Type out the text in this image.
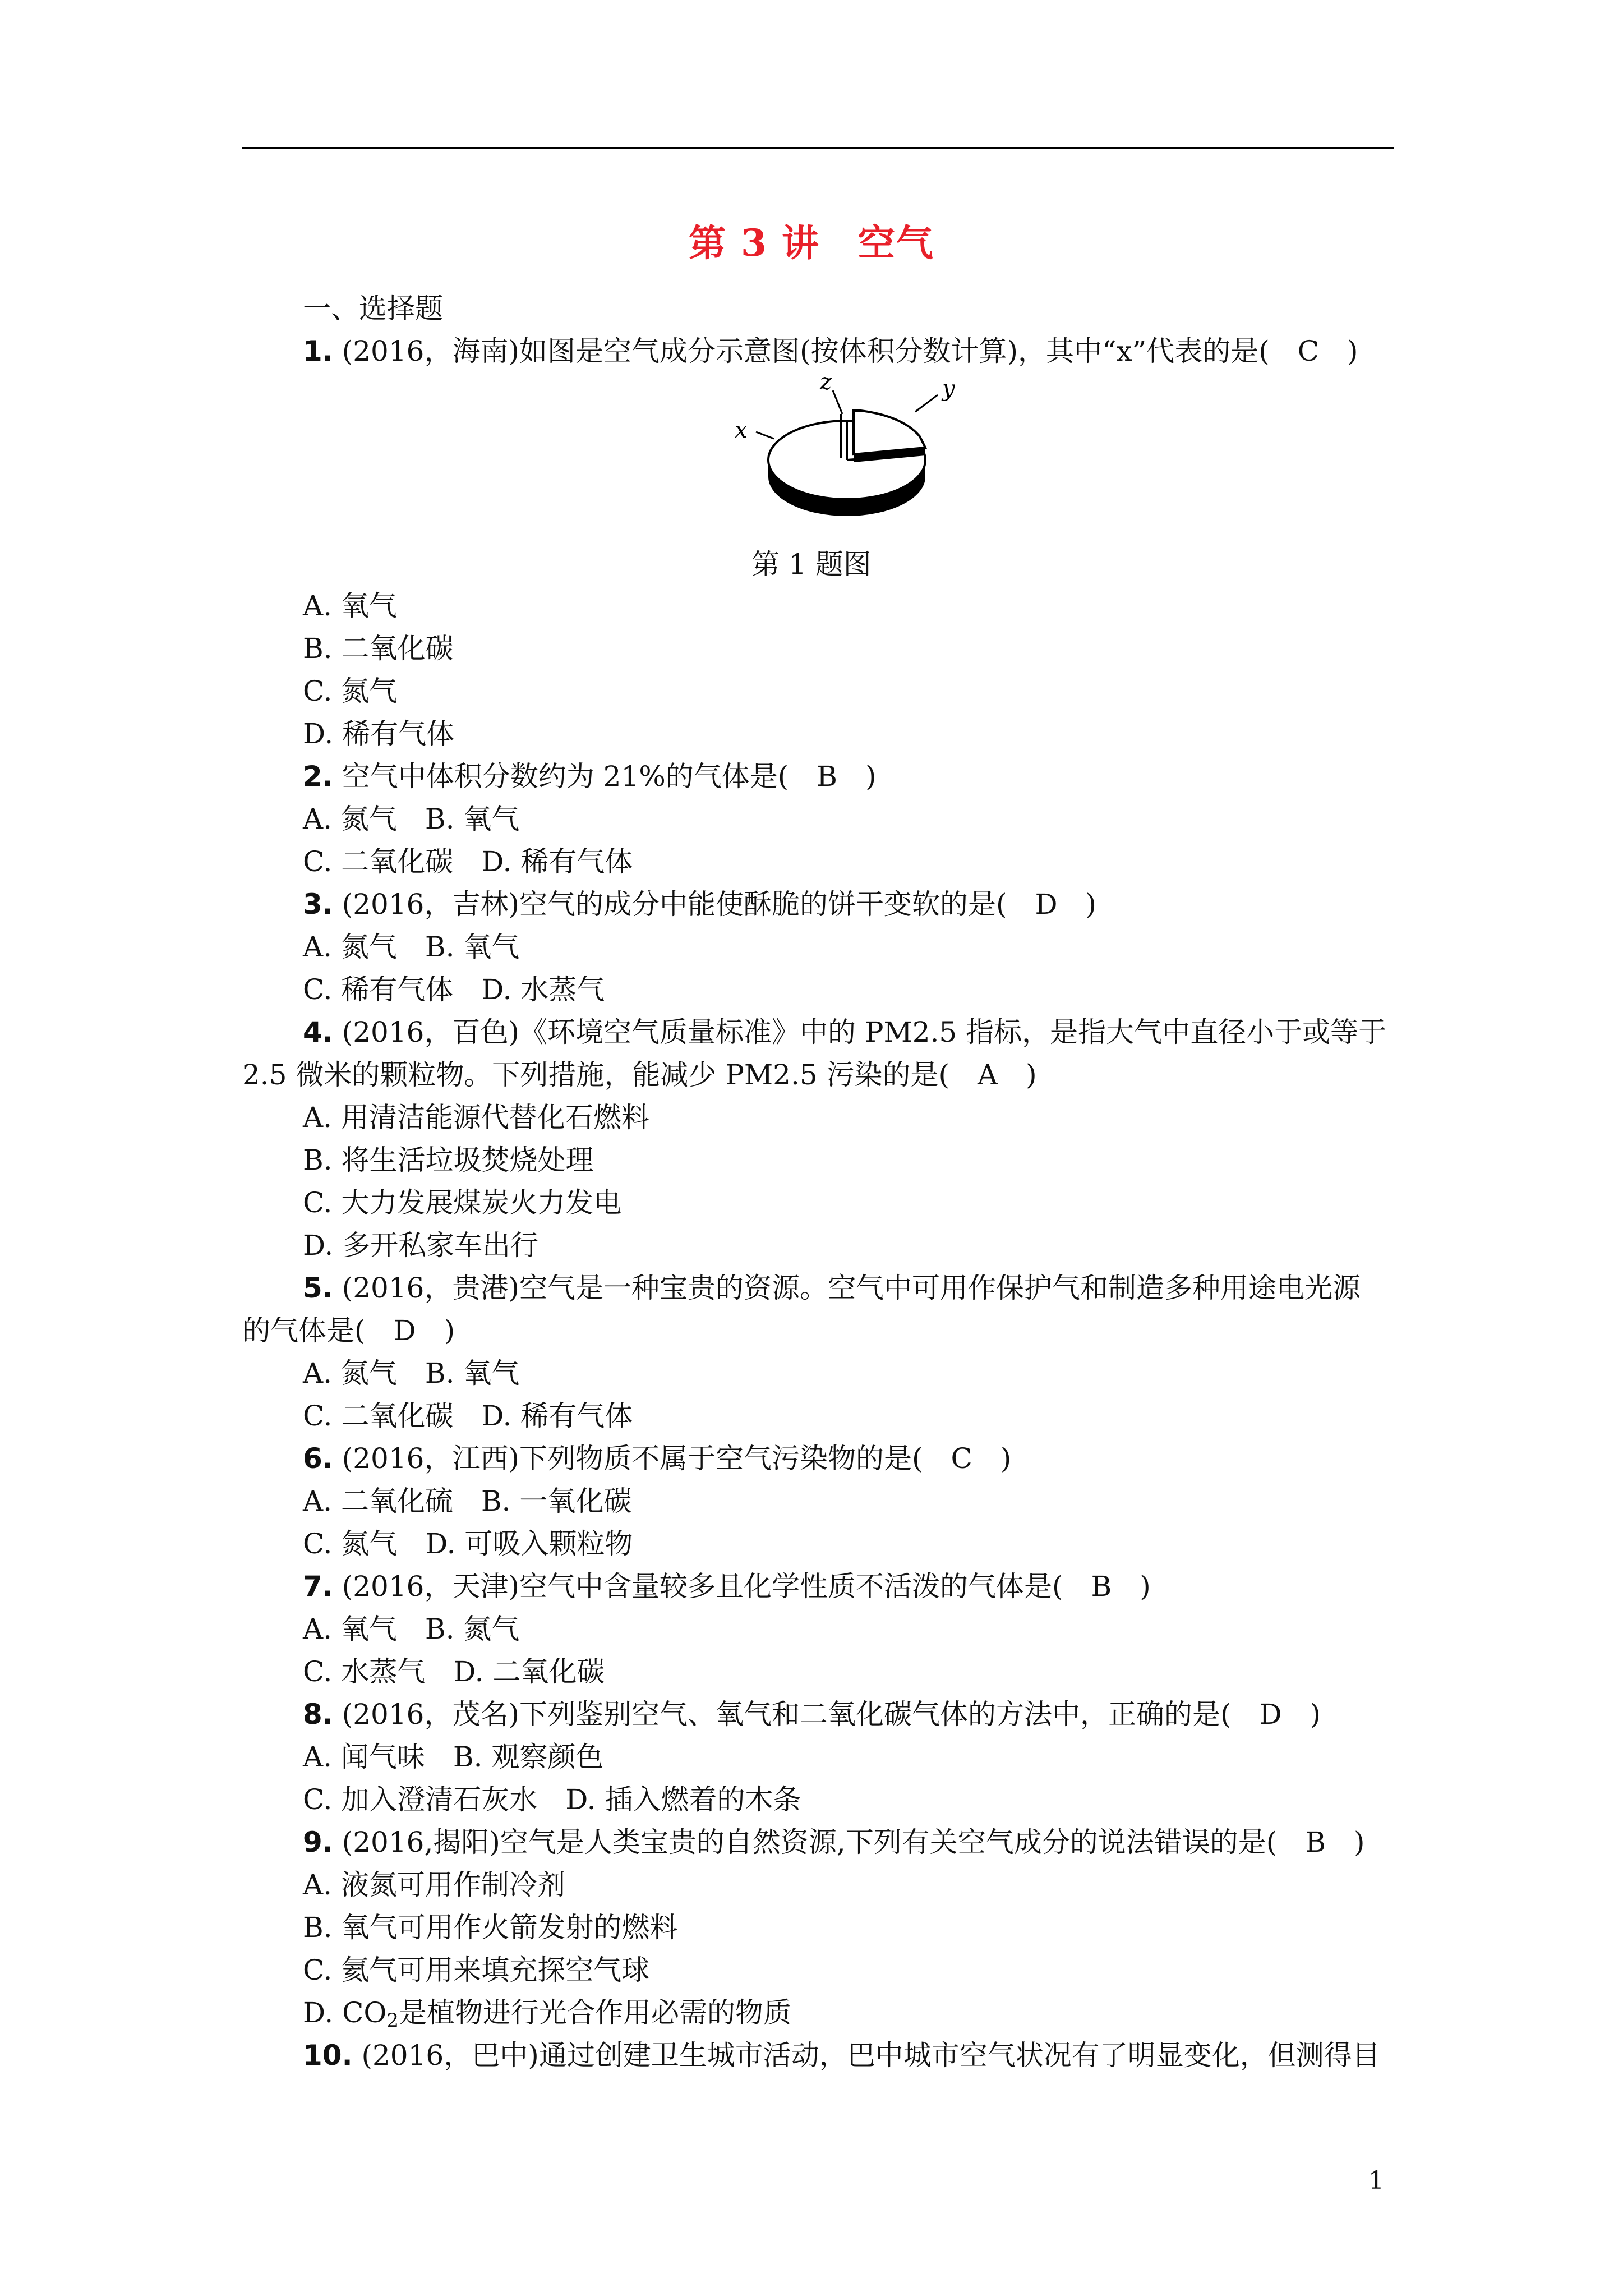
第 3 讲　空气
一、选择题
1. (2016，海南)如图是空气成分示意图(按体积分数计算)，其中“x”代表的是(　C　)
x
z	y
第 1 题图
A. 氧气
B. 二氧化碳
C. 氮气
D. 稀有气体
2. 空气中体积分数约为 21%的气体是(　B　)
A. 氮气　B. 氧气
C. 二氧化碳　D. 稀有气体
3. (2016，吉林)空气的成分中能使酥脆的饼干变软的是(　D　)
A. 氮气　B. 氧气
C. 稀有气体　D. 水蒸气
4. (2016，百色)《环境空气质量标准》中的 PM2.5 指标，是指大气中直径小于或等于
2.5 微米的颗粒物。下列措施，能减少 PM2.5 污染的是(　A　)
A. 用清洁能源代替化石燃料
B. 将生活垃圾焚烧处理
C. 大力发展煤炭火力发电
D. 多开私家车出行
5. (2016，贵港)空气是一种宝贵的资源。空气中可用作保护气和制造多种用途电光源
的气体是(　D　)
A. 氮气　B. 氧气
C. 二氧化碳　D. 稀有气体
6. (2016，江西)下列物质不属于空气污染物的是(　C　)
A. 二氧化硫　B. 一氧化碳
C. 氮气　D. 可吸入颗粒物
7. (2016，天津)空气中含量较多且化学性质不活泼的气体是(　B　)
A. 氧气　B. 氮气
C. 水蒸气　D. 二氧化碳
8. (2016，茂名)下列鉴别空气、氧气和二氧化碳气体的方法中，正确的是(　D　)
A. 闻气味　B. 观察颜色
C. 加入澄清石灰水　D. 插入燃着的木条
9. (2016,揭阳)空气是人类宝贵的自然资源,下列有关空气成分的说法错误的是(　B　)
A. 液氮可用作制冷剂
B. 氧气可用作火箭发射的燃料
C. 氦气可用来填充探空气球
D. $CO_2$是植物进行光合作用必需的物质
10. (2016，巴中)通过创建卫生城市活动，巴中城市空气状况有了明显变化，但测得目
1
